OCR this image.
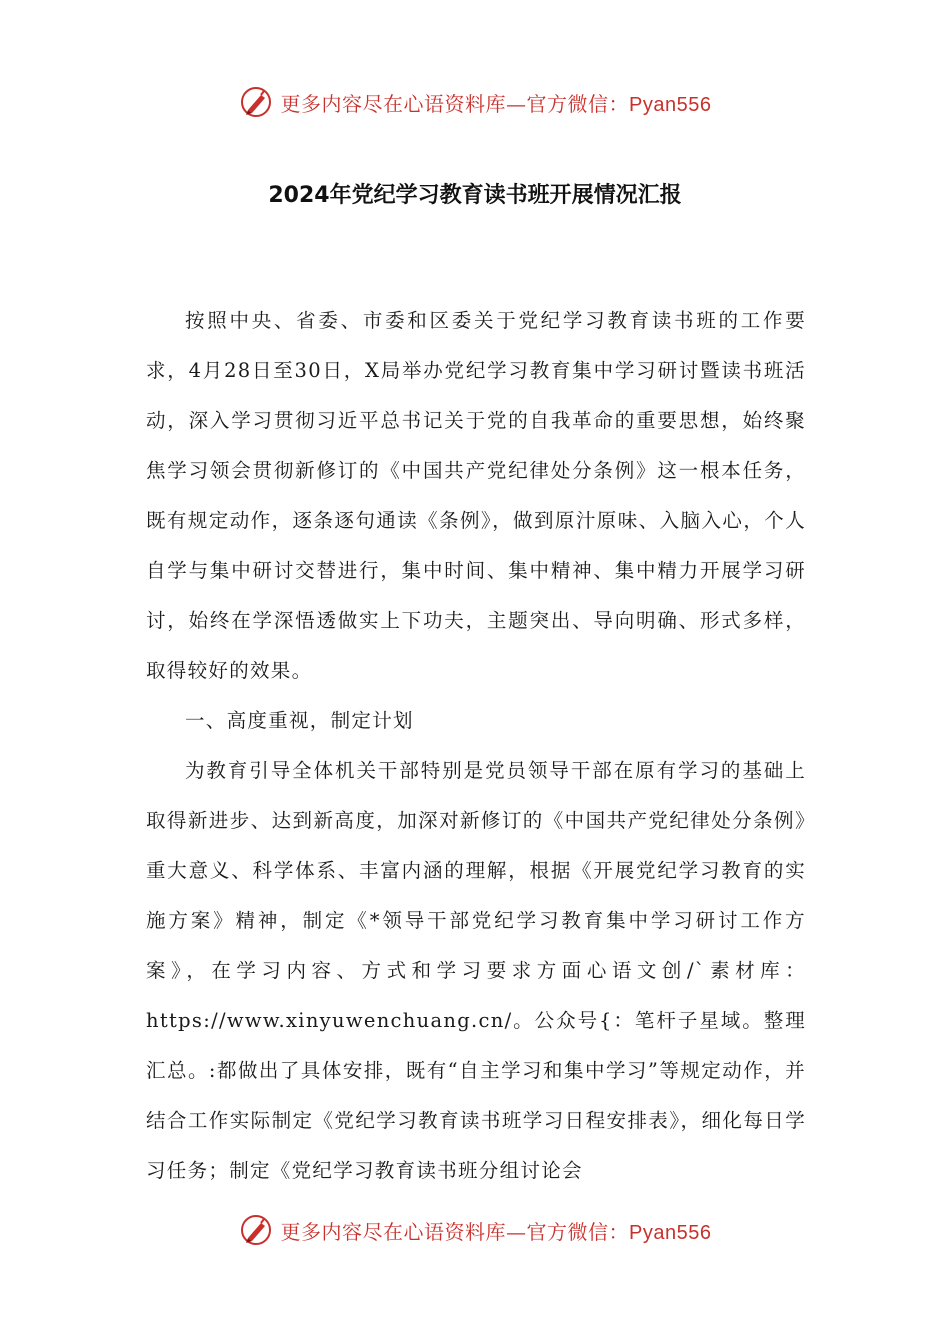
更多内容尽在心语资料库—官方微信：Pyan556
2024年党纪学习教育读书班开展情况汇报

按照中央、省委、市委和区委关于党纪学习教育读书班的工作要求，4月28日至30日，X局举办党纪学习教育集中学习研讨暨读书班活动，深入学习贯彻习近平总书记关于党的自我革命的重要思想，始终聚焦学习领会贯彻新修订的《中国共产党纪律处分条例》这一根本任务，既有规定动作，逐条逐句通读《条例》，做到原汁原味、入脑入心，个人自学与集中研讨交替进行，集中时间、集中精神、集中精力开展学习研讨，始终在学深悟透做实上下功夫，主题突出、导向明确、形式多样，取得较好的效果。

一、高度重视，制定计划

为教育引导全体机关干部特别是党员领导干部在原有学习的基础上取得新进步、达到新高度，加深对新修订的《中国共产党纪律处分条例》重大意义、科学体系、丰富内涵的理解，根据《开展党纪学习教育的实施方案》精神，制定《*领导干部党纪学习教育集中学习研讨工作方案》，在学习内容、方式和学习要求方面心语文创/`素材库：https://www.xinyuwenchuang.cn/。公众号{：笔杆子星域。整理汇总。:都做出了具体安排，既有“自主学习和集中学习”等规定动作，并结合工作实际制定《党纪学习教育读书班学习日程安排表》，细化每日学习任务；制定《党纪学习教育读书班分组讨论会

更多内容尽在心语资料库—官方微信：Pyan556
